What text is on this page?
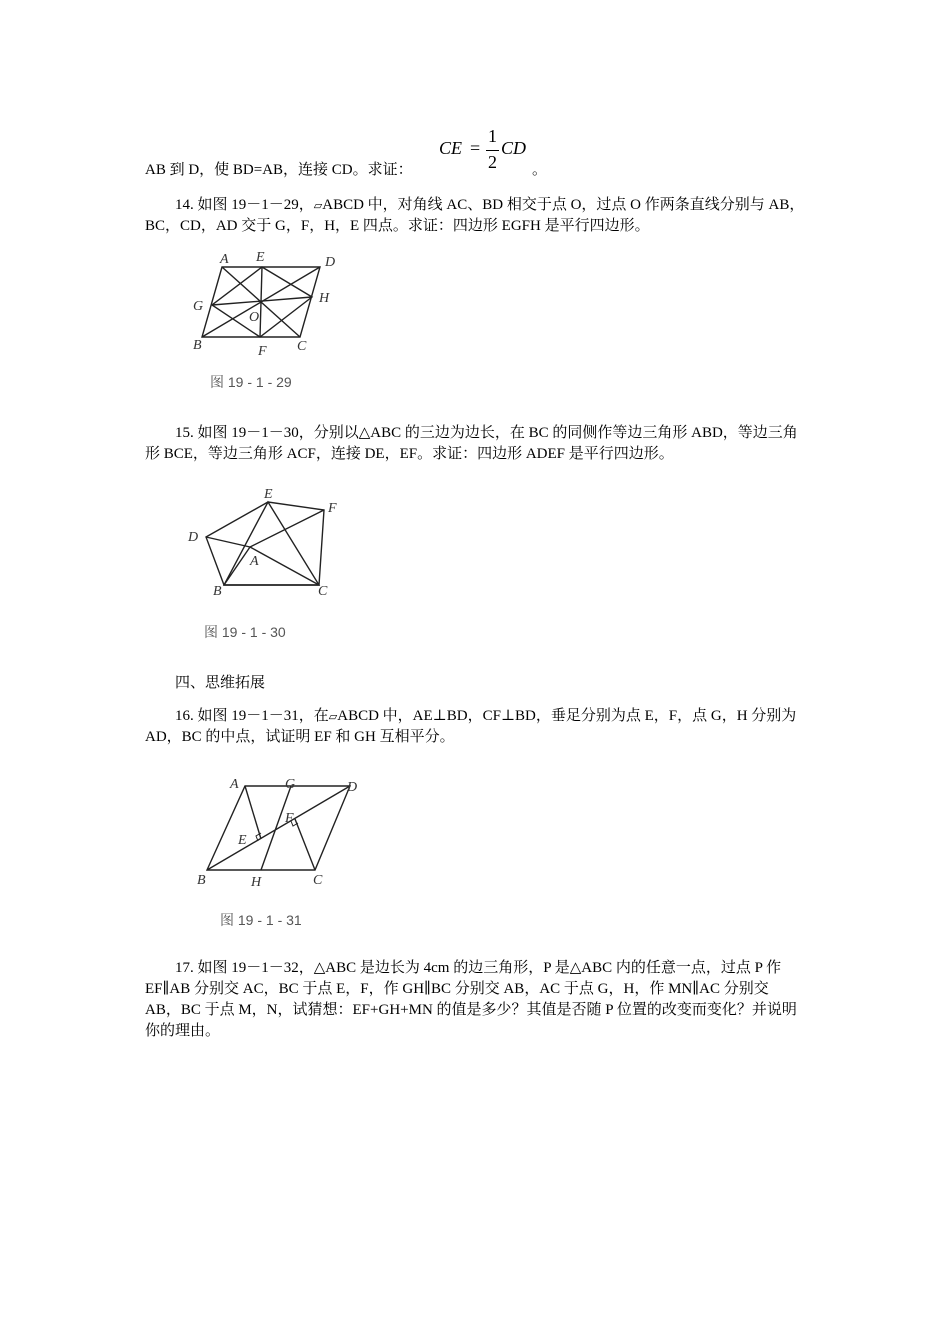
CE =
1
2
CD
AB 到 D，使 BD=AB，连接 CD。求证：	。
14. 如图 19－1－29，▱ABCD 中，对角线 AC、BD 相交于点 O，过点 O 作两条直线分别与 AB，BC，CD，AD 交于 G，F，H，E 四点。求证：四边形 EGFH 是平行四边形。
A E	D
G
H
O
B	F C
图 19 - 1 - 29
15. 如图 19－1－30，分别以△ABC 的三边为边长，在 BC 的同侧作等边三角形 ABD，等边三角形 BCE，等边三角形 ACF，连接 DE，EF。求证：四边形 ADEF 是平行四边形。
E
F
D
A
B	C
图 19 - 1 - 30
四、思维拓展
16. 如图 19－1－31，在▱ABCD 中，AE⊥BD，CF⊥BD，垂足分别为点 E，F，点 G，H 分别为 AD，BC 的中点，试证明 EF 和 GH 互相平分。
A	G	D
E
F
B	H	C
图 19 - 1 - 31
17. 如图 19－1－32，△ABC 是边长为 4cm 的边三角形，P 是△ABC 内的任意一点，过点 P 作 EF∥AB 分别交 AC，BC 于点 E，F，作 GH∥BC 分别交 AB，AC 于点 G，H，作 MN∥AC 分别交 AB，BC 于点 M，N，试猜想：EF+GH+MN 的值是多少？其值是否随 P 位置的改变而变化？并说明你的理由。
